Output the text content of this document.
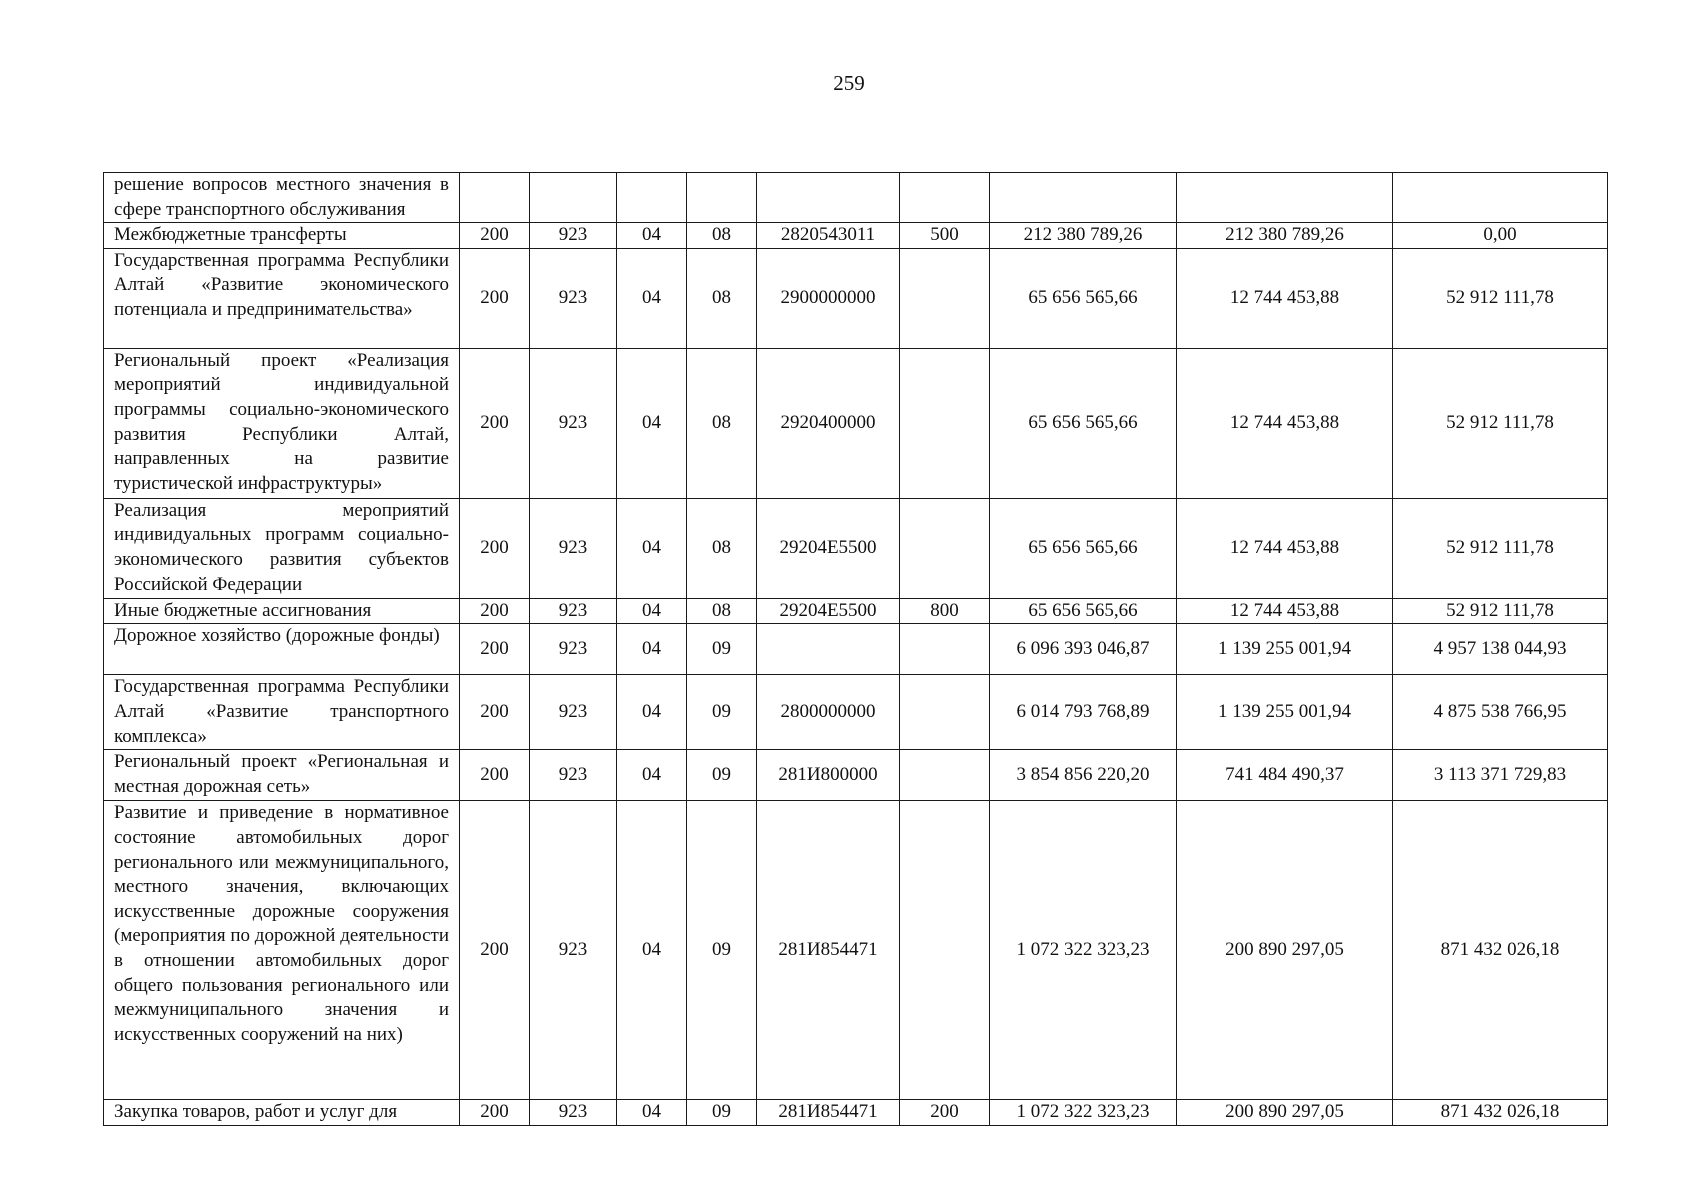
259
решение вопросов местного значения в сфере транспортного обслуживания									
Межбюджетные трансферты	200	923	04	08	2820543011	500	212 380 789,26	212 380 789,26	0,00
Государственная программа Республики Алтай «Развитие экономического потенциала и предпринимательства»	200	923	04	08	2900000000		65 656 565,66	12 744 453,88	52 912 111,78
Региональный проект «Реализация мероприятий индивидуальной программы социально-экономического развития Республики Алтай, направленных на развитие туристической инфраструктуры»	200	923	04	08	2920400000		65 656 565,66	12 744 453,88	52 912 111,78
Реализация мероприятий индивидуальных программ социально-экономического развития субъектов Российской Федерации	200	923	04	08	29204E5500		65 656 565,66	12 744 453,88	52 912 111,78
Иные бюджетные ассигнования	200	923	04	08	29204E5500	800	65 656 565,66	12 744 453,88	52 912 111,78
Дорожное хозяйство (дорожные фонды)	200	923	04	09			6 096 393 046,87	1 139 255 001,94	4 957 138 044,93
Государственная программа Республики Алтай «Развитие транспортного комплекса»	200	923	04	09	2800000000		6 014 793 768,89	1 139 255 001,94	4 875 538 766,95
Региональный проект «Региональная и местная дорожная сеть»	200	923	04	09	281И800000		3 854 856 220,20	741 484 490,37	3 113 371 729,83
Развитие и приведение в нормативное состояние автомобильных дорог регионального или межмуниципального, местного значения, включающих искусственные дорожные сооружения (мероприятия по дорожной деятельности в отношении автомобильных дорог общего пользования регионального или межмуниципального значения и искусственных сооружений на них)	200	923	04	09	281И854471		1 072 322 323,23	200 890 297,05	871 432 026,18
Закупка товаров, работ и услуг для	200	923	04	09	281И854471	200	1 072 322 323,23	200 890 297,05	871 432 026,18
